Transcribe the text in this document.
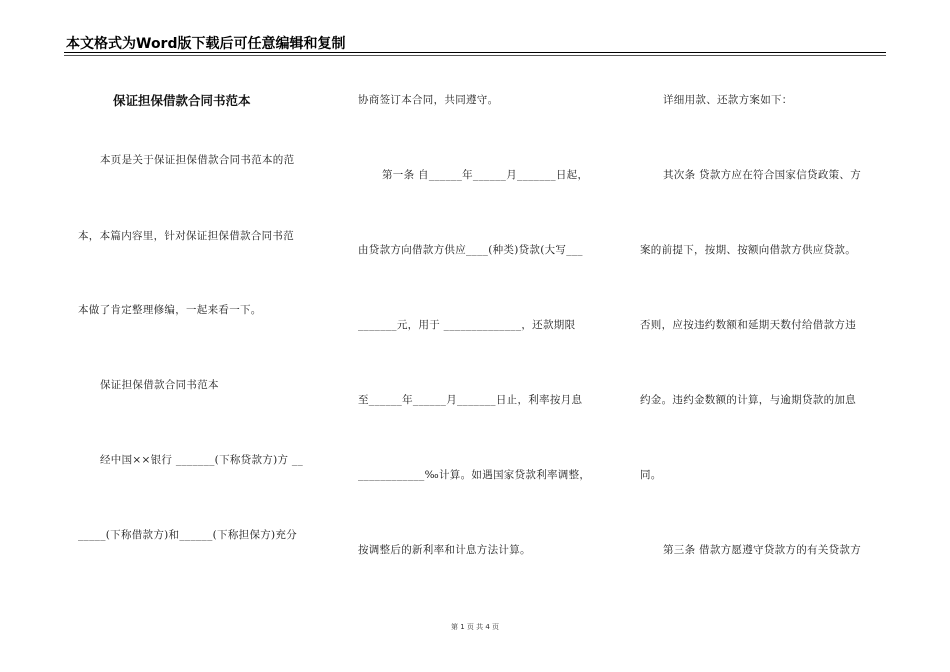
本文格式为Word版下载后可任意编辑和复制
保证担保借款合同书范本
本页是关于保证担保借款合同书范本的范
本，本篇内容里，针对保证担保借款合同书范
本做了肯定整理修编，一起来看一下。
保证担保借款合同书范本
经中国××银行 _______(下称贷款方)方 __
_____(下称借款方)和______(下称担保方)充分
协商签订本合同，共同遵守。
第一条 自______年______月_______日起，
由贷款方向借款方供应____(种类)贷款(大写___
_______元，用于 ______________，还款期限
至______年______月_______日止，利率按月息
____________‰计算。如遇国家贷款利率调整，
按调整后的新利率和计息方法计算。
详细用款、还款方案如下：
其次条 贷款方应在符合国家信贷政策、方
案的前提下，按期、按额向借款方供应贷款。
否则，应按违约数额和延期天数付给借款方违
约金。违约金数额的计算，与逾期贷款的加息
同。
第三条 借款方愿遵守贷款方的有关贷款方
第 1 页 共 4 页
